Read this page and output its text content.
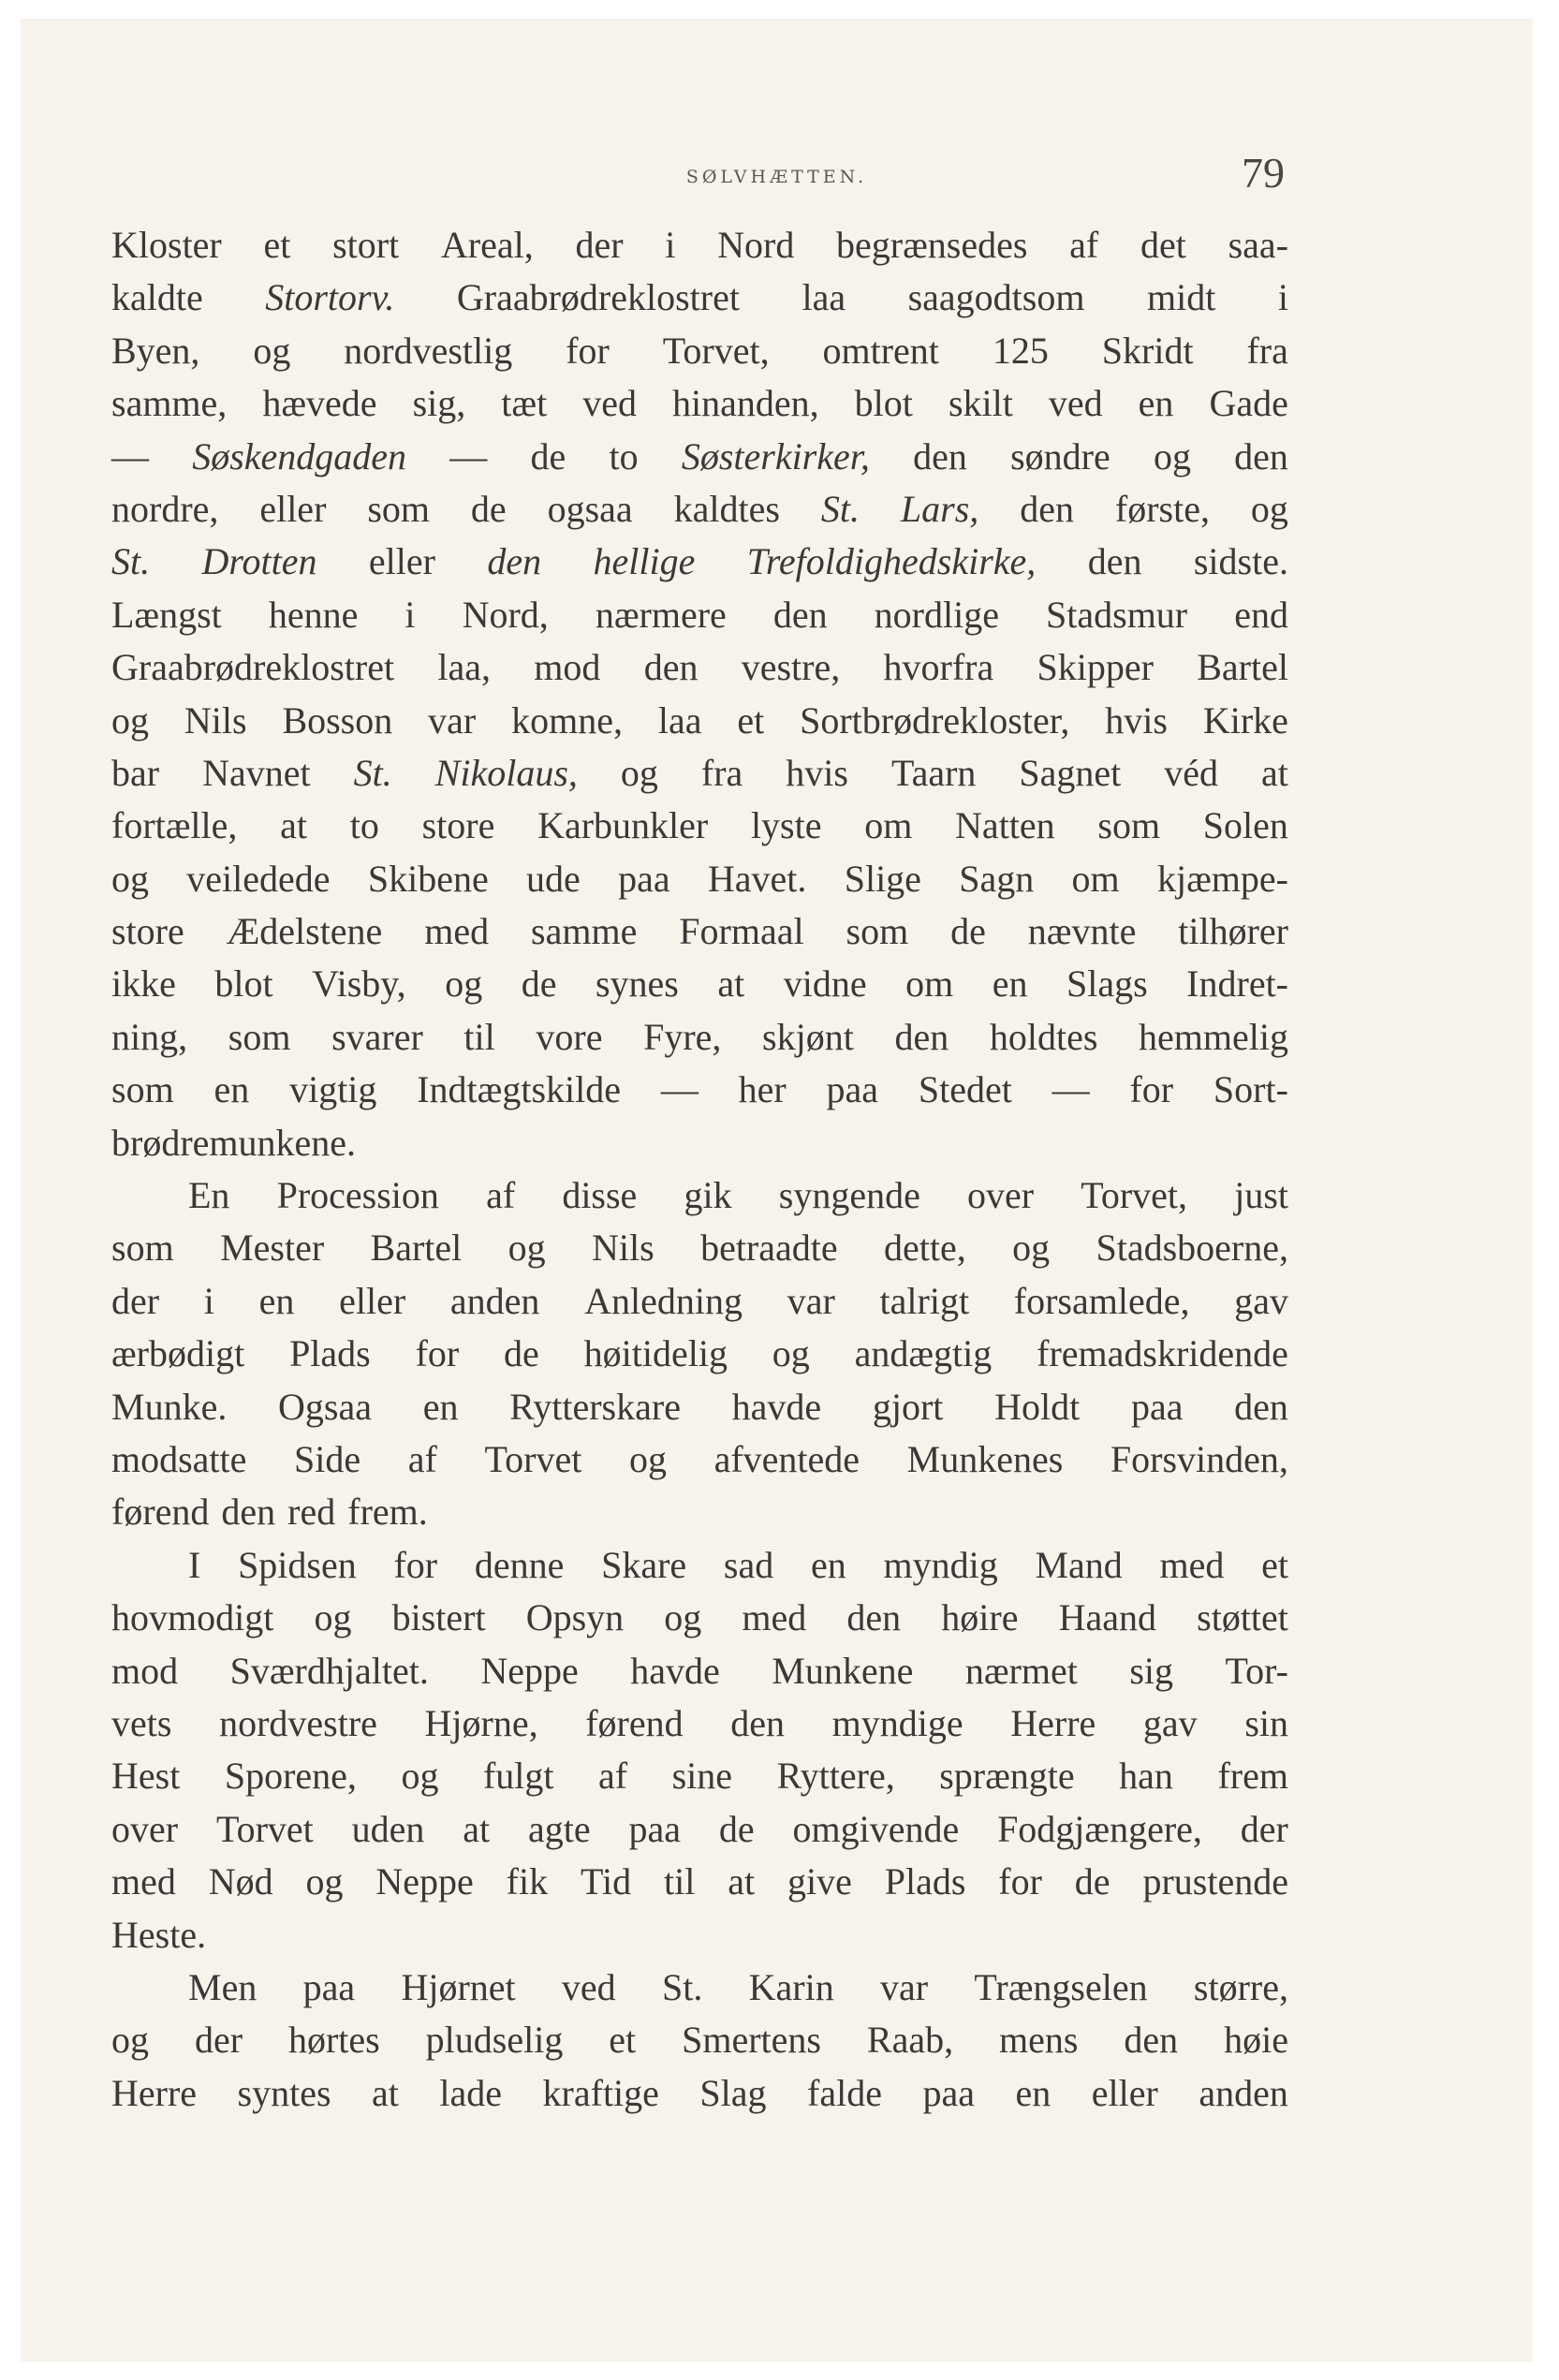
SØLVHÆTTEN.	79
Kloster et stort Areal, der i Nord begrænsedes af det saa-
kaldte Stortorv. Graabrødreklostret laa saagodtsom midt i
Byen, og nordvestlig for Torvet, omtrent 125 Skridt fra
samme, hævede sig, tæt ved hinanden, blot skilt ved en Gade
— Søskendgaden — de to Søsterkirker, den søndre og den
nordre, eller som de ogsaa kaldtes St. Lars, den første, og
St. Drotten eller den hellige Trefoldighedskirke, den sidste.
Længst henne i Nord, nærmere den nordlige Stadsmur end
Graabrødreklostret laa, mod den vestre, hvorfra Skipper Bartel
og Nils Bosson var komne, laa et Sortbrødrekloster, hvis Kirke
bar Navnet St. Nikolaus, og fra hvis Taarn Sagnet véd at
fortælle, at to store Karbunkler lyste om Natten som Solen
og veiledede Skibene ude paa Havet. Slige Sagn om kjæmpe-
store Ædelstene med samme Formaal som de nævnte tilhører
ikke blot Visby, og de synes at vidne om en Slags Indret-
ning, som svarer til vore Fyre, skjønt den holdtes hemmelig
som en vigtig Indtægtskilde — her paa Stedet — for Sort-
brødremunkene.
En Procession af disse gik syngende over Torvet, just
som Mester Bartel og Nils betraadte dette, og Stadsboerne,
der i en eller anden Anledning var talrigt forsamlede, gav
ærbødigt Plads for de høitidelig og andægtig fremadskridende
Munke. Ogsaa en Rytterskare havde gjort Holdt paa den
modsatte Side af Torvet og afventede Munkenes Forsvinden,
førend den red frem.
I Spidsen for denne Skare sad en myndig Mand med et
hovmodigt og bistert Opsyn og med den høire Haand støttet
mod Sværdhjaltet. Neppe havde Munkene nærmet sig Tor-
vets nordvestre Hjørne, førend den myndige Herre gav sin
Hest Sporene, og fulgt af sine Ryttere, sprængte han frem
over Torvet uden at agte paa de omgivende Fodgjængere, der
med Nød og Neppe fik Tid til at give Plads for de prustende
Heste.
Men paa Hjørnet ved St. Karin var Trængselen større,
og der hørtes pludselig et Smertens Raab, mens den høie
Herre syntes at lade kraftige Slag falde paa en eller anden
